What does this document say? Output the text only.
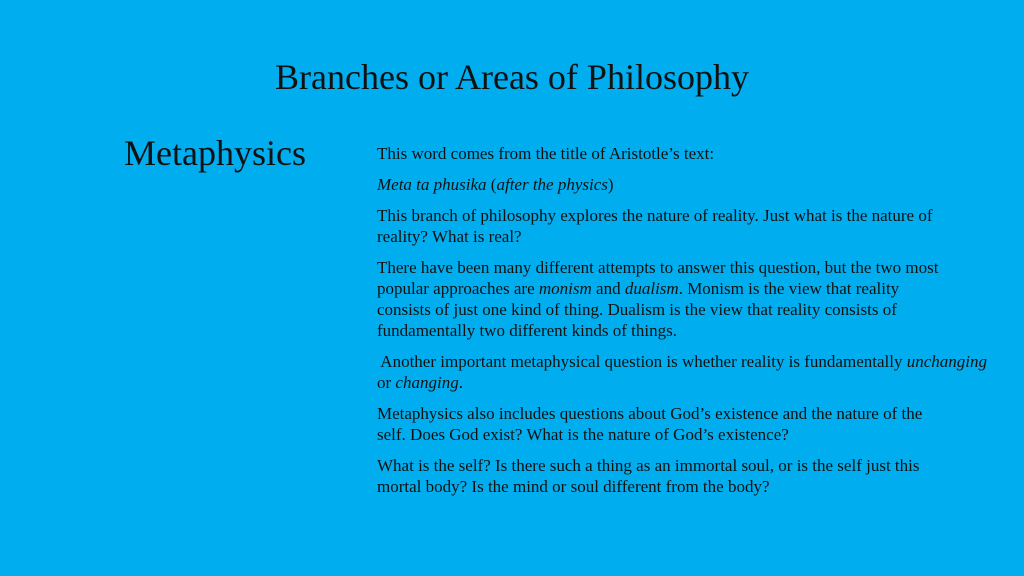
Branches or Areas of Philosophy
Metaphysics	This word comes from the title of Aristotle’s text:

Meta ta phusika (after the physics)

This branch of philosophy explores the nature of reality. Just what is the nature of reality? What is real?

There have been many different attempts to answer this question, but the two most popular approaches are monism and dualism. Monism is the view that reality consists of just one kind of thing. Dualism is the view that reality consists of fundamentally two different kinds of things.

Another important metaphysical question is whether reality is fundamentally unchanging or changing.

Metaphysics also includes questions about God’s existence and the nature of the self. Does God exist? What is the nature of God’s existence?

What is the self? Is there such a thing as an immortal soul, or is the self just this mortal body? Is the mind or soul different from the body?
